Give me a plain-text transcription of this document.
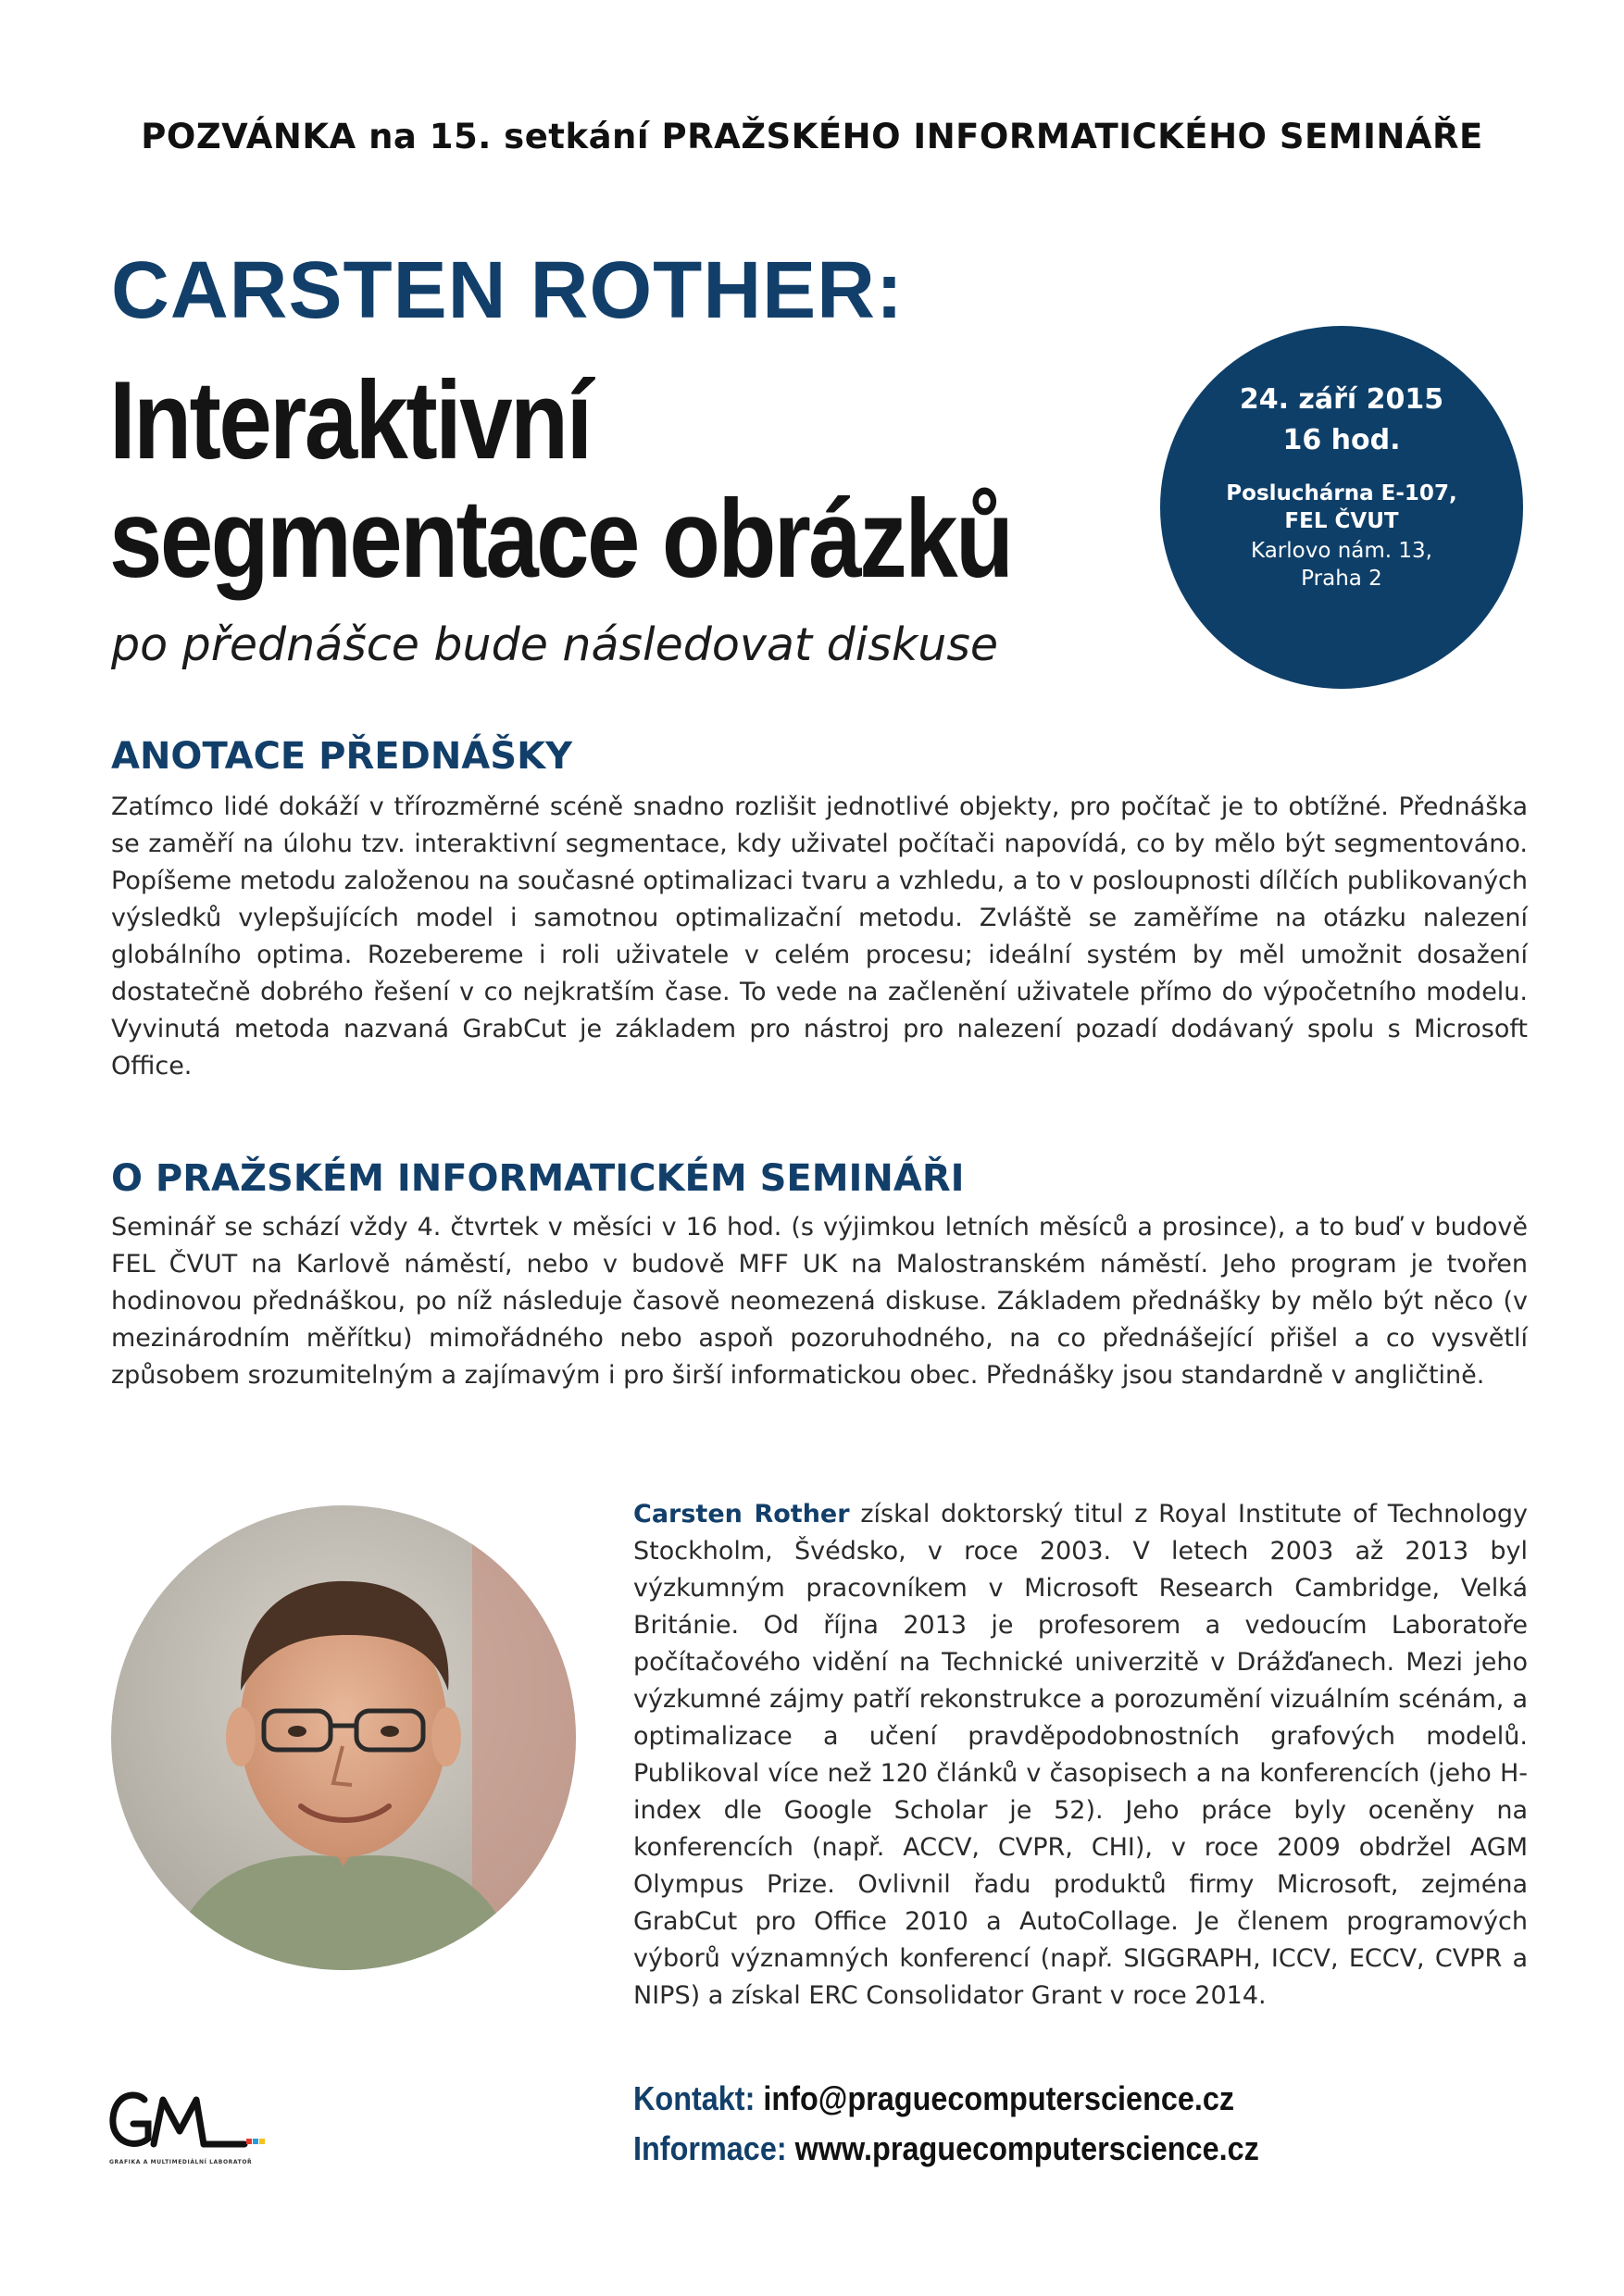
POZVÁNKA na 15. setkání PRAŽSKÉHO INFORMATICKÉHO SEMINÁŘE
CARSTEN ROTHER:
Interaktivní
segmentace obrázků
po přednášce bude následovat diskuse
24. září 2015
16 hod.
Posluchárna E-107,
FEL ČVUT
Karlovo nám. 13,
Praha 2
ANOTACE PŘEDNÁŠKY
Zatímco lidé dokáží v třírozměrné scéně snadno rozlišit jednotlivé objekty, pro počítač je to obtížné. Přednáška se zaměří na úlohu tzv. interaktivní segmentace, kdy uživatel počítači napovídá, co by mělo být segmentováno. Popíšeme metodu založenou na současné optimalizaci tvaru a vzhledu, a to v posloupnosti dílčích publikovaných výsledků vylepšujících model i samotnou optimalizační metodu. Zvláště se zaměříme na otázku nalezení globálního optima. Rozebereme i roli uživatele v celém procesu; ideální systém by měl umožnit dosažení dostatečně dobrého řešení v co nejkratším čase. To vede na začlenění uživatele přímo do výpočetního modelu. Vyvinutá metoda nazvaná GrabCut je základem pro nástroj pro nalezení pozadí dodávaný spolu s Microsoft Office.
O PRAŽSKÉM INFORMATICKÉM SEMINÁŘI
Seminář se schází vždy 4. čtvrtek v měsíci v 16 hod. (s výjimkou letních měsíců a prosince), a to buď v budově FEL ČVUT na Karlově náměstí, nebo v budově MFF UK na Malostranském náměstí. Jeho program je tvořen hodinovou přednáškou, po níž následuje časově neomezená diskuse. Základem přednášky by mělo být něco (v mezinárodním měřítku) mimořádného nebo aspoň pozoruhodného, na co přednášející přišel a co vysvětlí způsobem srozumitelným a zajímavým i pro širší informatickou obec. Přednášky jsou standardně v angličtině.
Carsten Rother získal doktorský titul z Royal Institute of Technology Stockholm, Švédsko, v roce 2003. V letech 2003 až 2013 byl výzkumným pracovníkem v Microsoft Research Cambridge, Velká Británie. Od října 2013 je profesorem a vedoucím Laboratoře počítačového vidění na Technické univerzitě v Drážďanech. Mezi jeho výzkumné zájmy patří rekonstrukce a porozumění vizuálním scénám, a optimalizace a učení pravděpodobnostních grafových modelů. Publikoval více než 120 článků v časopisech a na konferencích (jeho H-index dle Google Scholar je 52). Jeho práce byly oceněny na konferencích (např. ACCV, CVPR, CHI), v roce 2009 obdržel AGM Olympus Prize. Ovlivnil řadu produktů firmy Microsoft, zejména GrabCut pro Office 2010 a AutoCollage. Je členem programových výborů významných konferencí (např. SIGGRAPH, ICCV, ECCV, CVPR a NIPS) a získal ERC Consolidator Grant v roce 2014.
Kontakt: info@praguecomputerscience.cz
Informace: www.praguecomputerscience.cz
GRAFIKA A MULTIMEDIÁLNÍ LABORATOŘ
